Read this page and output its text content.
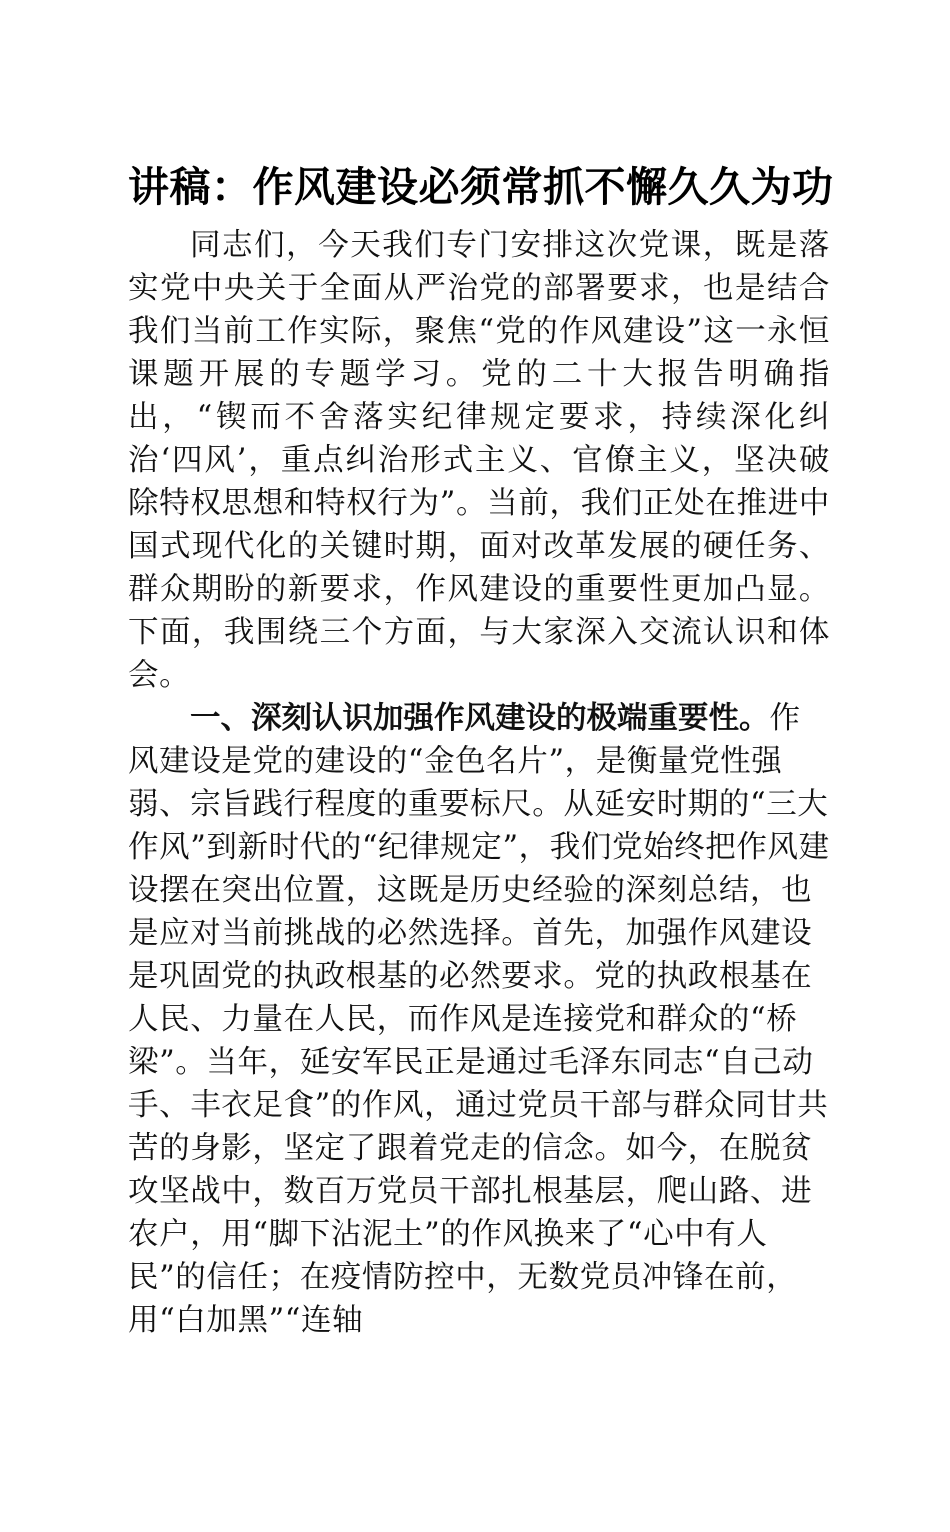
讲稿：作风建设必须常抓不懈久久为功

同志们，今天我们专门安排这次党课，既是落实党中央关于全面从严治党的部署要求，也是结合我们当前工作实际，聚焦“党的作风建设”这一永恒课题开展的专题学习。党的二十大报告明确指出，“锲而不舍落实纪律规定要求，持续深化纠治‘四风’，重点纠治形式主义、官僚主义，坚决破除特权思想和特权行为”。当前，我们正处在推进中国式现代化的关键时期，面对改革发展的硬任务、群众期盼的新要求，作风建设的重要性更加凸显。下面，我围绕三个方面，与大家深入交流认识和体会。

一、深刻认识加强作风建设的极端重要性。作风建设是党的建设的“金色名片”，是衡量党性强弱、宗旨践行程度的重要标尺。从延安时期的“三大作风”到新时代的“纪律规定”，我们党始终把作风建设摆在突出位置，这既是历史经验的深刻总结，也是应对当前挑战的必然选择。首先，加强作风建设是巩固党的执政根基的必然要求。党的执政根基在人民、力量在人民，而作风是连接党和群众的“桥梁”。当年，延安军民正是通过毛泽东同志“自己动手、丰衣足食”的作风，通过党员干部与群众同甘共苦的身影，坚定了跟着党走的信念。如今，在脱贫攻坚战中，数百万党员干部扎根基层，爬山路、进农户，用“脚下沾泥土”的作风换来了“心中有人民”的信任；在疫情防控中，无数党员冲锋在前，用“白加黑”“连轴
